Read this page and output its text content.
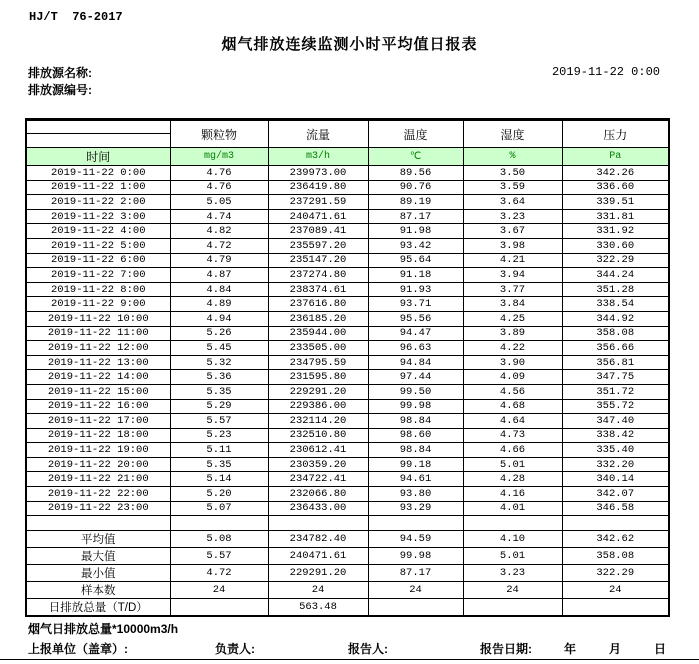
HJ/T  76-2017
烟气排放连续监测小时平均值日报表
排放源名称:
排放源编号:
2019-11-22 0:00
	颗粒物	流量	温度	湿度	压力

时间	mg/m3	m3/h	℃	%	Pa
2019-11-22 0:00	4.76	239973.00	89.56	3.50	342.26
2019-11-22 1:00	4.76	236419.80	90.76	3.59	336.60
2019-11-22 2:00	5.05	237291.59	89.19	3.64	339.51
2019-11-22 3:00	4.74	240471.61	87.17	3.23	331.81
2019-11-22 4:00	4.82	237089.41	91.98	3.67	331.92
2019-11-22 5:00	4.72	235597.20	93.42	3.98	330.60
2019-11-22 6:00	4.79	235147.20	95.64	4.21	322.29
2019-11-22 7:00	4.87	237274.80	91.18	3.94	344.24
2019-11-22 8:00	4.84	238374.61	91.93	3.77	351.28
2019-11-22 9:00	4.89	237616.80	93.71	3.84	338.54
2019-11-22 10:00	4.94	236185.20	95.56	4.25	344.92
2019-11-22 11:00	5.26	235944.00	94.47	3.89	358.08
2019-11-22 12:00	5.45	233505.00	96.63	4.22	356.66
2019-11-22 13:00	5.32	234795.59	94.84	3.90	356.81
2019-11-22 14:00	5.36	231595.80	97.44	4.09	347.75
2019-11-22 15:00	5.35	229291.20	99.50	4.56	351.72
2019-11-22 16:00	5.29	229386.00	99.98	4.68	355.72
2019-11-22 17:00	5.57	232114.20	98.84	4.64	347.40
2019-11-22 18:00	5.23	232510.80	98.60	4.73	338.42
2019-11-22 19:00	5.11	230612.41	98.84	4.66	335.40
2019-11-22 20:00	5.35	230359.20	99.18	5.01	332.20
2019-11-22 21:00	5.14	234722.41	94.61	4.28	340.14
2019-11-22 22:00	5.20	232066.80	93.80	4.16	342.07
2019-11-22 23:00	5.07	236433.00	93.29	4.01	346.58

平均值	5.08	234782.40	94.59	4.10	342.62
最大值	5.57	240471.61	99.98	5.01	358.08
最小值	4.72	229291.20	87.17	3.23	322.29
样本数	24	24	24	24	24
日排放总量（T/D）		563.48			
烟气日排放总量*10000m3/h
上报单位（盖章）:	负责人:	报告人:	报告日期:	年	月	日
